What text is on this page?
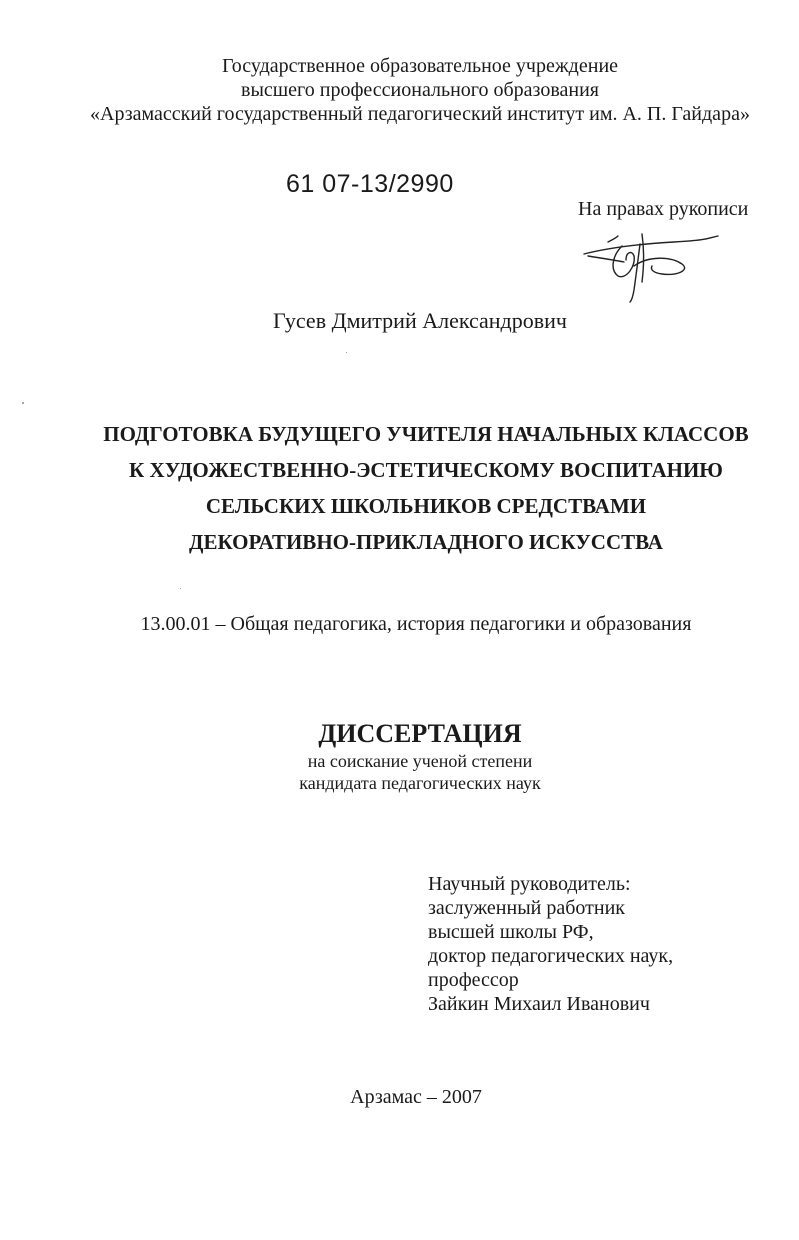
Государственное образовательное учреждение
высшего профессионального образования
«Арзамасский государственный педагогический институт им. А. П. Гайдара»
61 07-13/2990
На правах рукописи
Гусев Дмитрий Александрович
ПОДГОТОВКА БУДУЩЕГО УЧИТЕЛЯ НАЧАЛЬНЫХ КЛАССОВ
К ХУДОЖЕСТВЕННО-ЭСТЕТИЧЕСКОМУ ВОСПИТАНИЮ
СЕЛЬСКИХ ШКОЛЬНИКОВ СРЕДСТВАМИ
ДЕКОРАТИВНО-ПРИКЛАДНОГО ИСКУССТВА
13.00.01 – Общая педагогика, история педагогики и образования
ДИССЕРТАЦИЯ
на соискание ученой степени
кандидата педагогических наук
Научный руководитель:
заслуженный работник
высшей школы РФ,
доктор педагогических наук,
профессор
Зайкин Михаил Иванович
Арзамас – 2007
